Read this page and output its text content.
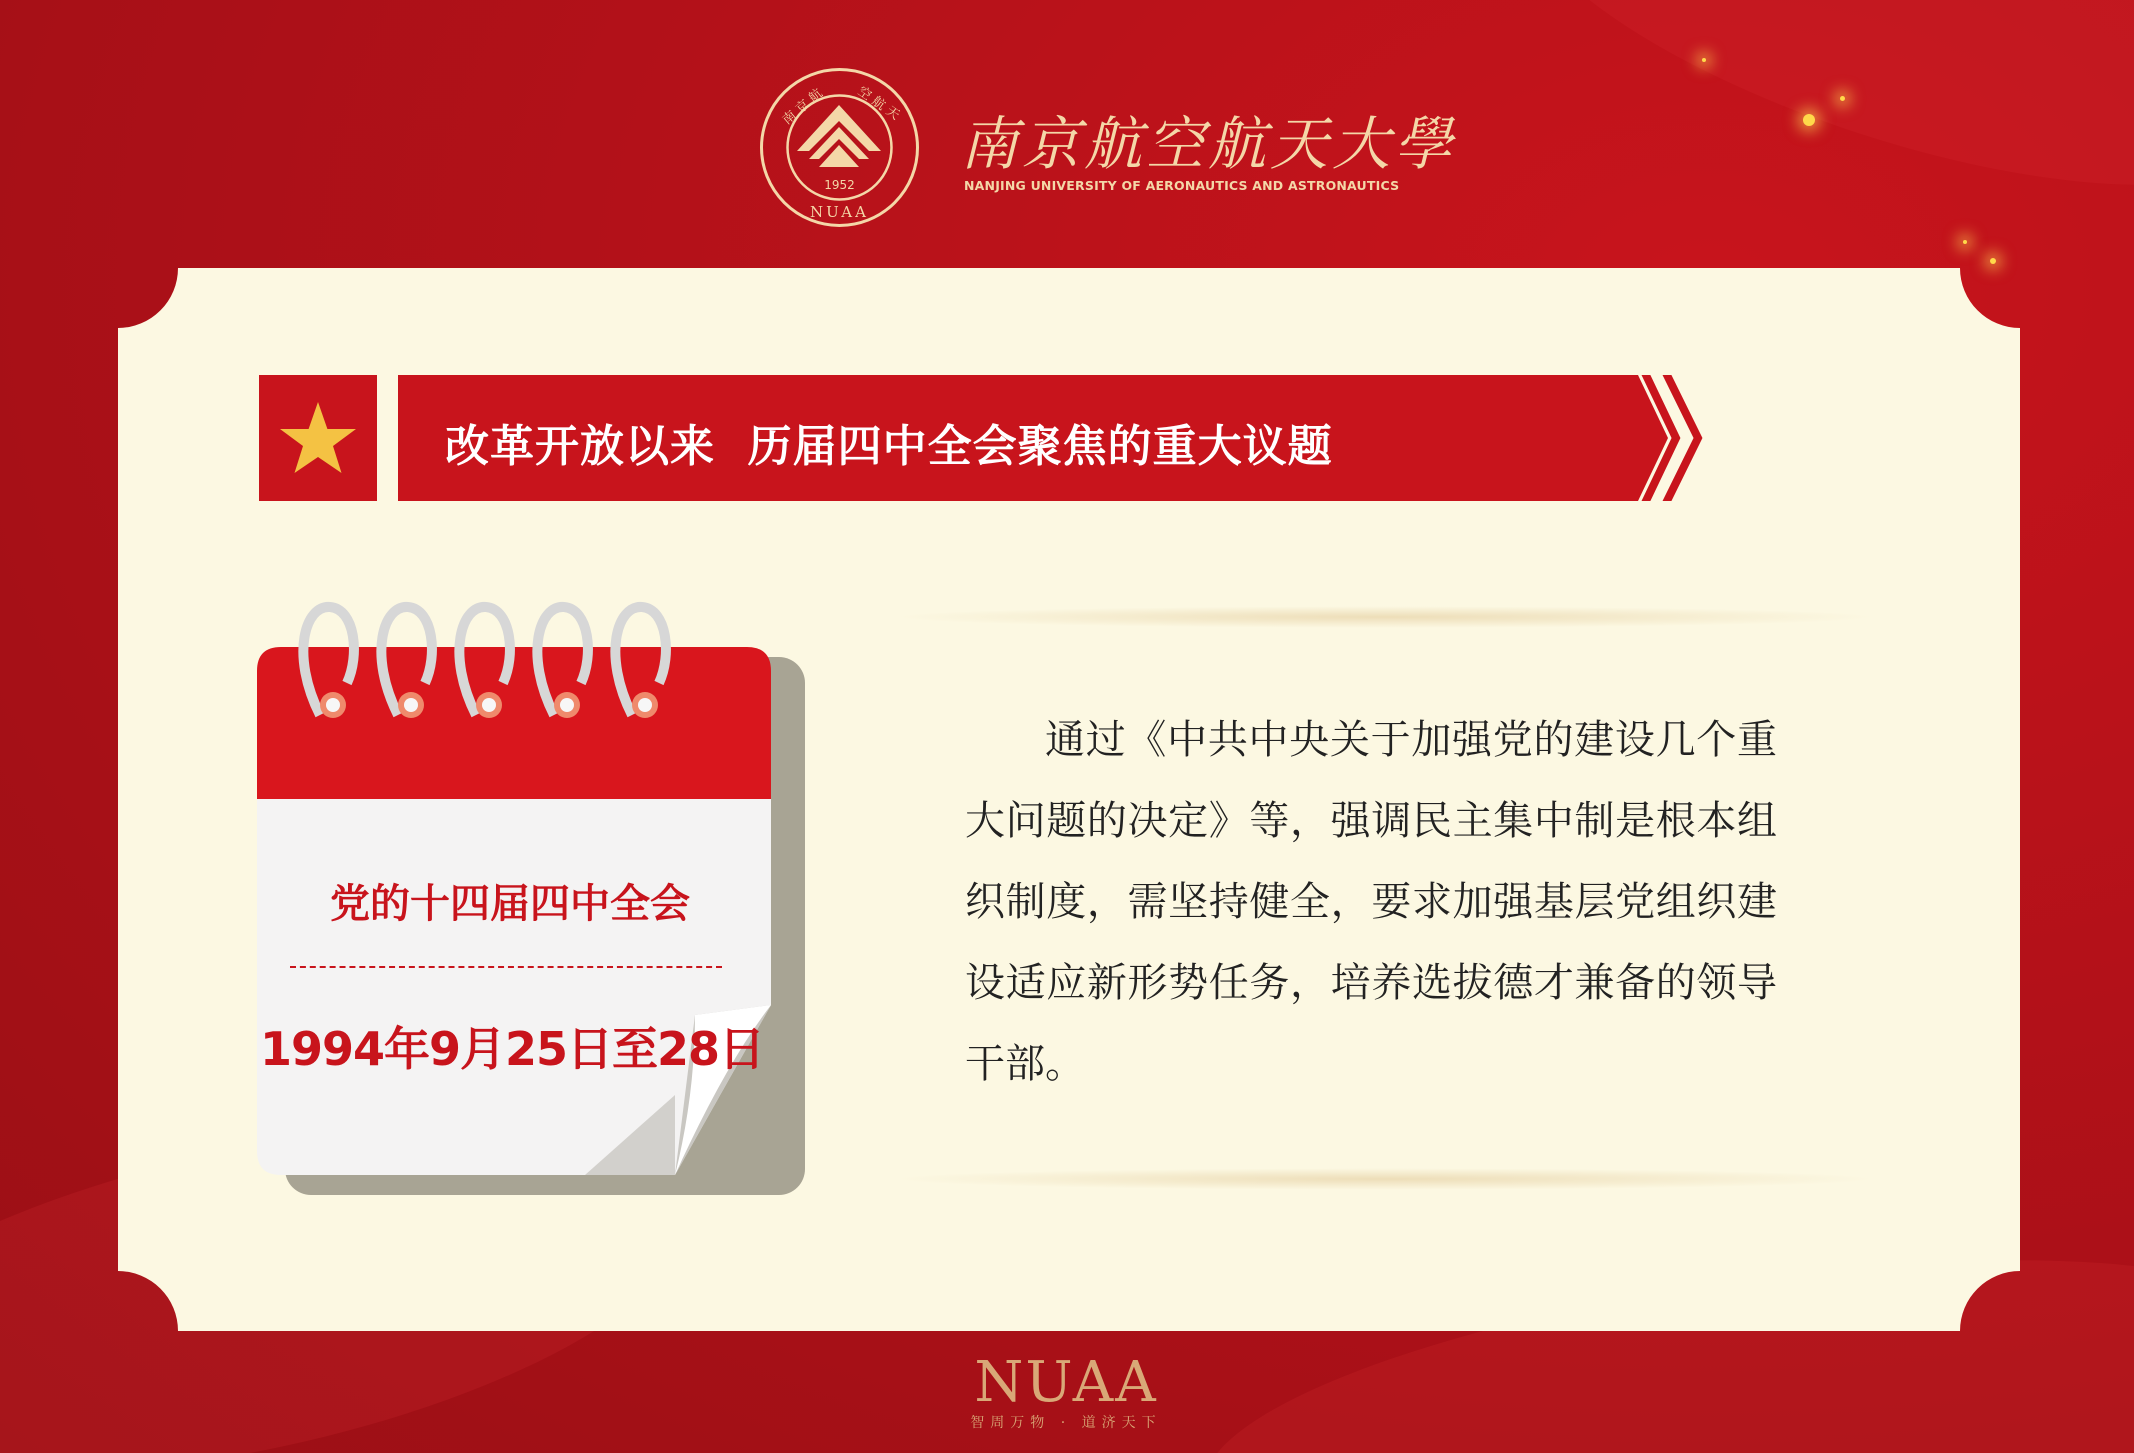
1952
NUAA
南 京 航 空 航 天
南京航空航天大學
NANJING UNIVERSITY OF AERONAUTICS AND ASTRONAUTICS
改革开放以来  历届四中全会聚焦的重大议题
党的十四届四中全会
1994年9月25日至28日
通过《中共中央关于加强党的建设几个重大问题的决定》等，强调民主集中制是根本组织制度，需坚持健全，要求加强基层党组织建设适应新形势任务，培养选拔德才兼备的领导干部。
NUAA
智周万物 · 道济天下
